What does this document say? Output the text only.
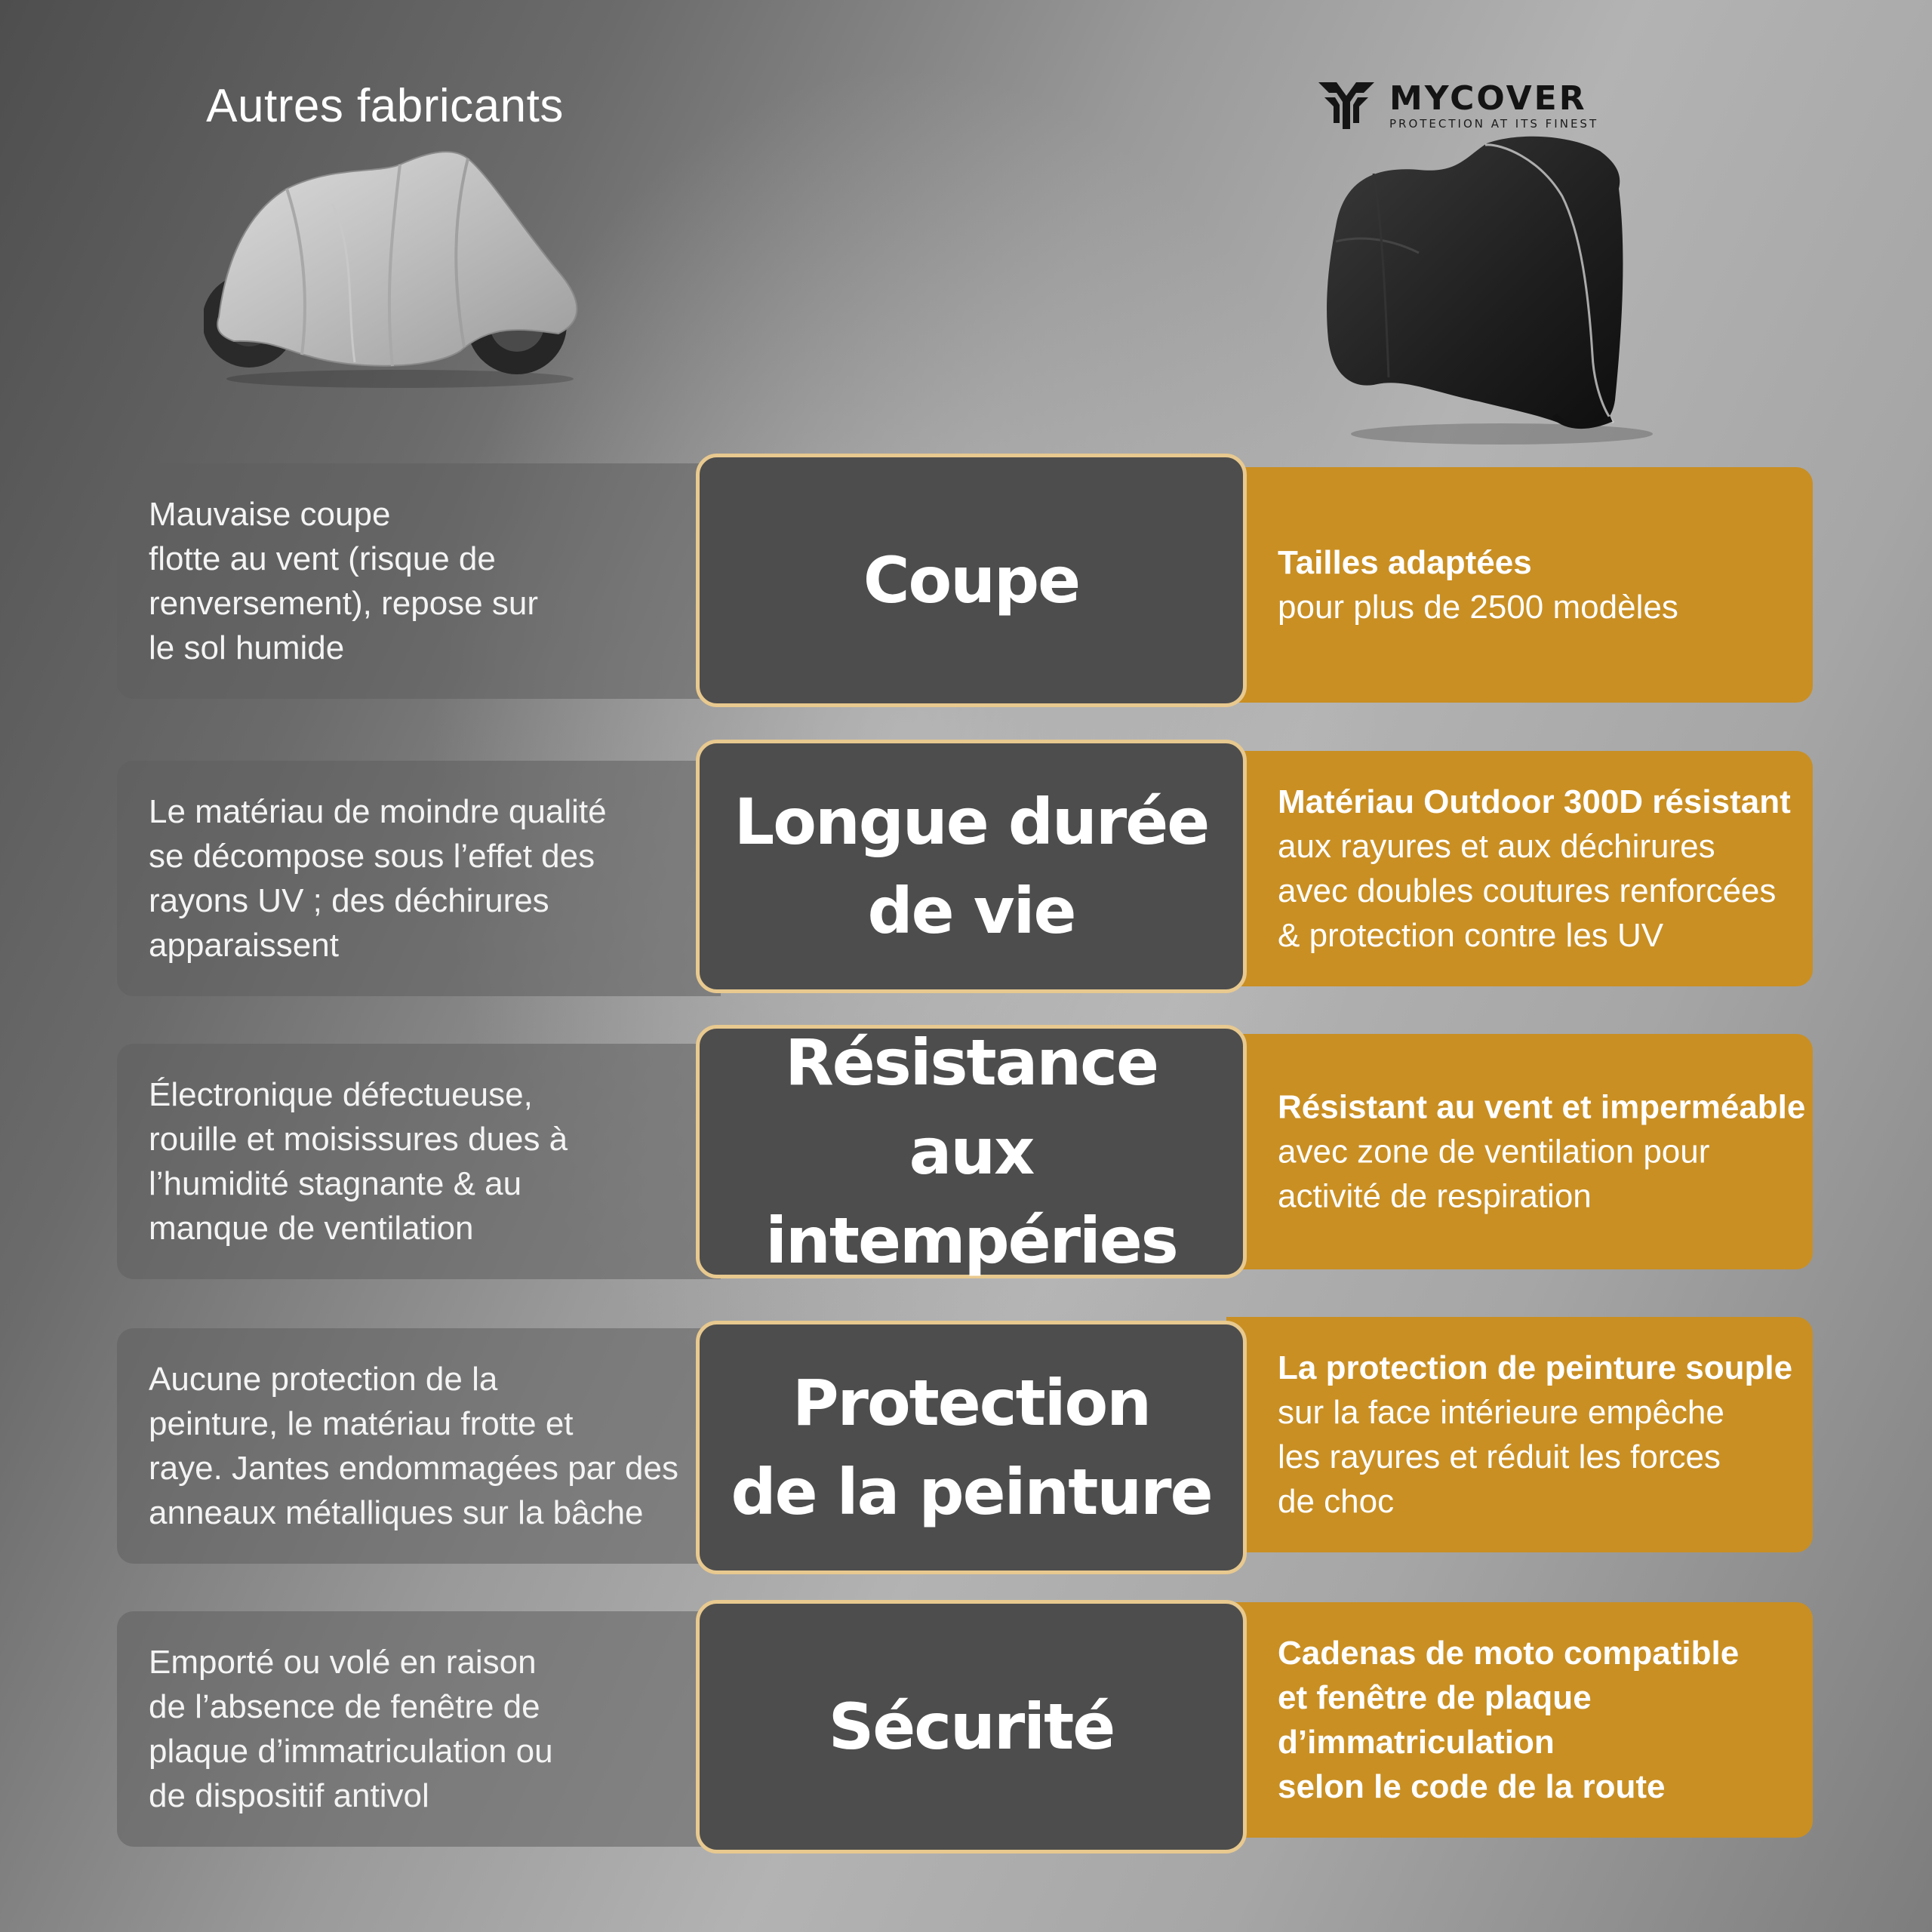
Autres fabricants	MYCOVER
PROTECTION AT ITS FINEST
Mauvaise coupe
flotte au vent (risque de
renversement), repose sur
le sol humide
Coupe	Tailles adaptées
pour plus de 2500 modèles
Le matériau de moindre qualité
se décompose sous l’effet des
rayons UV ; des déchirures
apparaissent
Longue durée
de vie
Matériau Outdoor 300D résistant
aux rayures et aux déchirures
avec doubles coutures renforcées
& protection contre les UV
Électronique défectueuse,
rouille et moisissures dues à
l’humidité stagnante & au
manque de ventilation
Résistance
aux intempéries
Résistant au vent et imperméable
avec zone de ventilation pour
activité de respiration
Aucune protection de la
peinture, le matériau frotte et
raye. Jantes endommagées par des
anneaux métalliques sur la bâche
Protection
de la peinture
La protection de peinture souple
sur la face intérieure empêche
les rayures et réduit les forces
de choc
Emporté ou volé en raison
de l’absence de fenêtre de
plaque d’immatriculation ou
de dispositif antivol
Sécurité
Cadenas de moto compatible
et fenêtre de plaque
d’immatriculation
selon le code de la route
